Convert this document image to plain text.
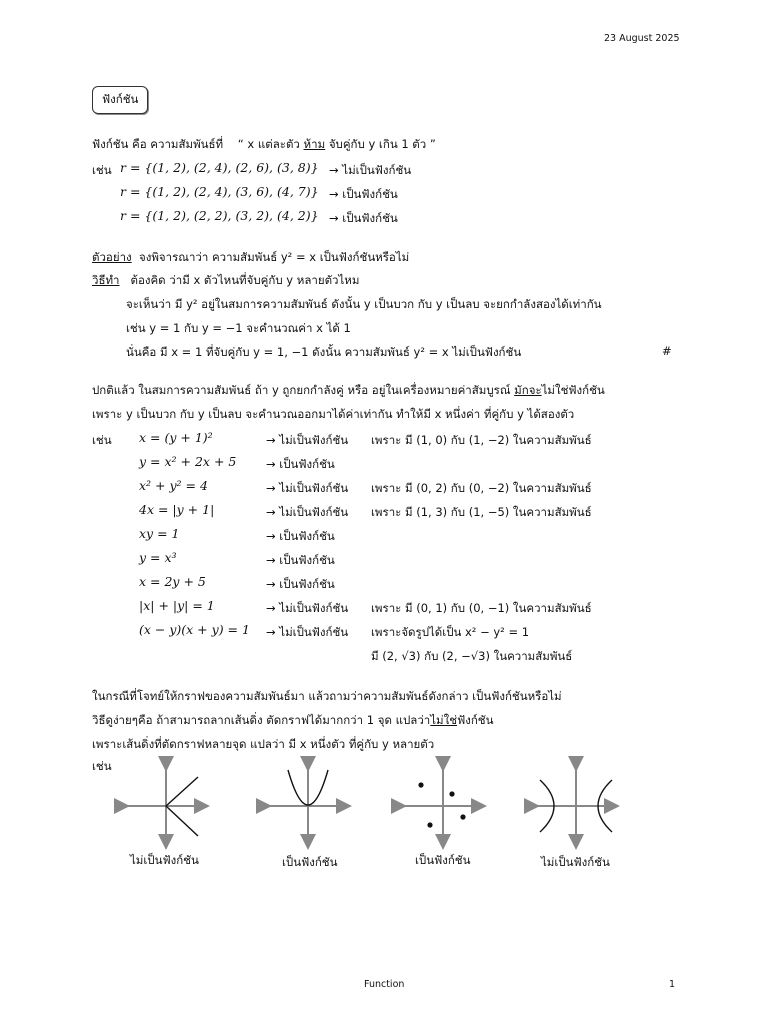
23 August 2025
ฟังก์ชัน
ฟังก์ชัน คือ ความสัมพันธ์ที่ “ x แต่ละตัว ห้าม จับคู่กับ y เกิน 1 ตัว ”
เช่น r = {(1, 2), (2, 4), (2, 6), (3, 8)} → ไม่เป็นฟังก์ชัน
r = {(1, 2), (2, 4), (3, 6), (4, 7)} → เป็นฟังก์ชัน
r = {(1, 2), (2, 2), (3, 2), (4, 2)} → เป็นฟังก์ชัน
ตัวอย่าง จงพิจารณาว่า ความสัมพันธ์ y² = x เป็นฟังก์ชันหรือไม่
วิธีทำ ต้องคิด ว่ามี x ตัวไหนที่จับคู่กับ y หลายตัวไหม
จะเห็นว่า มี y² อยู่ในสมการความสัมพันธ์ ดังนั้น y เป็นบวก กับ y เป็นลบ จะยกกำลังสองได้เท่ากัน
เช่น y = 1 กับ y = −1 จะคำนวณค่า x ได้ 1
นั่นคือ มี x = 1 ที่จับคู่กับ y = 1, −1 ดังนั้น ความสัมพันธ์ y² = x ไม่เป็นฟังก์ชัน	#
ปกติแล้ว ในสมการความสัมพันธ์ ถ้า y ถูกยกกำลังคู่ หรือ อยู่ในเครื่องหมายค่าสัมบูรณ์ มักจะไม่ใช่ฟังก์ชัน
เพราะ y เป็นบวก กับ y เป็นลบ จะคำนวณออกมาได้ค่าเท่ากัน ทำให้มี x หนึ่งค่า ที่คู่กับ y ได้สองตัว
เช่น x = (y + 1)²	→ ไม่เป็นฟังก์ชัน เพราะ มี (1, 0) กับ (1, −2) ในความสัมพันธ์
y = x² + 2x + 5	→ เป็นฟังก์ชัน
x² + y² = 4	→ ไม่เป็นฟังก์ชัน เพราะ มี (0, 2) กับ (0, −2) ในความสัมพันธ์
4x = |y + 1|	→ ไม่เป็นฟังก์ชัน เพราะ มี (1, 3) กับ (1, −5) ในความสัมพันธ์
xy = 1	→ เป็นฟังก์ชัน
y = x³	→ เป็นฟังก์ชัน
x = 2y + 5	→ เป็นฟังก์ชัน
|x| + |y| = 1	→ ไม่เป็นฟังก์ชัน เพราะ มี (0, 1) กับ (0, −1) ในความสัมพันธ์
(x − y)(x + y) = 1 → ไม่เป็นฟังก์ชัน เพราะจัดรูปได้เป็น x² − y² = 1
มี (2, √3) กับ (2, −√3) ในความสัมพันธ์
ในกรณีที่โจทย์ให้กราฟของความสัมพันธ์มา แล้วถามว่าความสัมพันธ์ดังกล่าว เป็นฟังก์ชันหรือไม่
วิธีดูง่ายๆคือ ถ้าสามารถลากเส้นดิ่ง ตัดกราฟได้มากกว่า 1 จุด แปลว่าไม่ใช่ฟังก์ชัน
เพราะเส้นดิ่งที่ตัดกราฟหลายจุด แปลว่า มี x หนึ่งตัว ที่คู่กับ y หลายตัว
เช่น
ไม่เป็นฟังก์ชัน	เป็นฟังก์ชัน	เป็นฟังก์ชัน	ไม่เป็นฟังก์ชัน
Function	1
